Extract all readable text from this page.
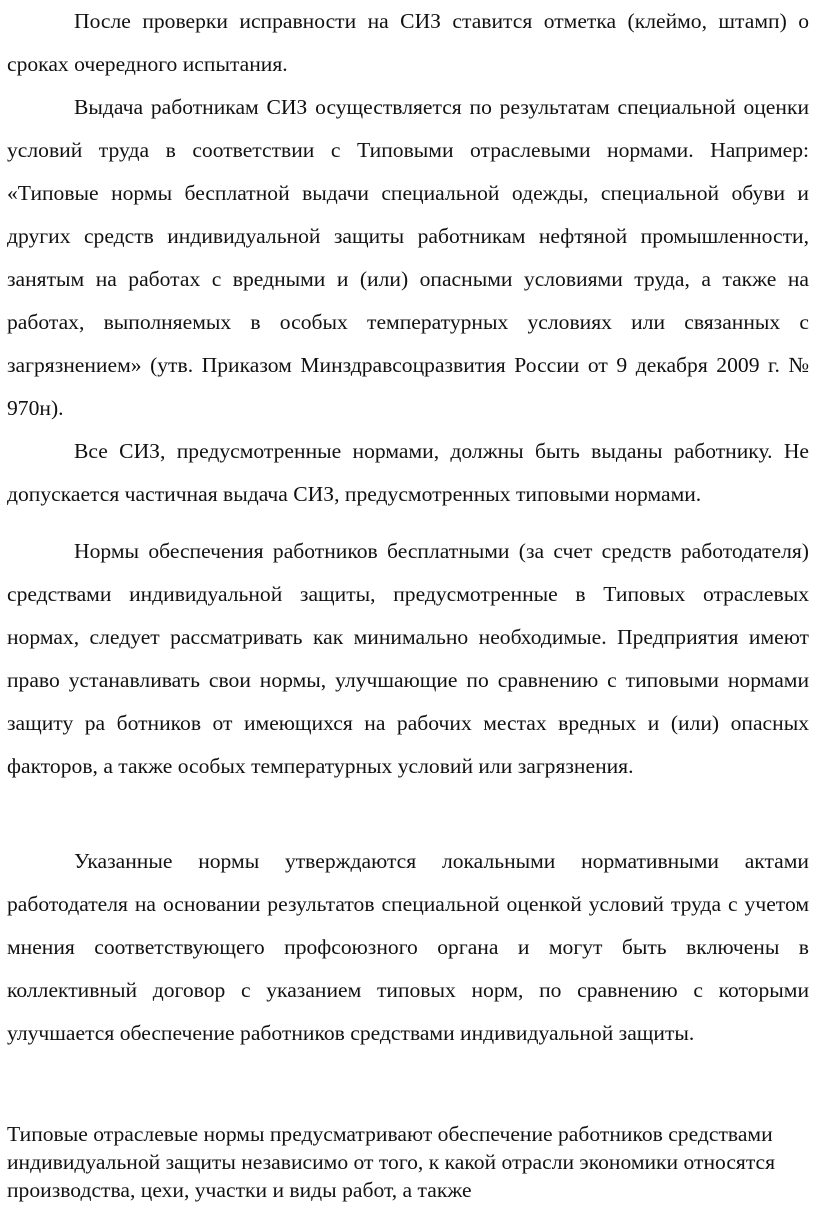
После проверки исправности на СИЗ ставится отметка (клеймо, штамп) о сроках очередного испытания.

Выдача работникам СИЗ осуществляется по результатам специальной оценки условий труда в соответствии с Типовыми отраслевыми нормами. Например: «Типовые нормы бесплатной выдачи специальной одежды, специальной обуви и других средств индивидуальной защиты работникам нефтяной промышленности, занятым на работах с вредными и (или) опасными условиями труда, а также на работах, выполняемых в особых температурных условиях или связанных с загрязнением» (утв. Приказом Минздравсоцразвития России от 9 декабря 2009 г. № 970н).

Все СИЗ, предусмотренные нормами, должны быть выданы работнику. Не допускается частичная выдача СИЗ, предусмотренных типовыми нормами.

Нормы обеспечения работников бесплатными (за счет средств работодателя) средствами индивидуальной защиты, предусмотренные в Типовых отраслевых нормах, следует рассматривать как минимально необходимые. Предприятия имеют право устанавливать свои нормы, улучшающие по сравнению с типовыми нормами защиту ра ботников от имеющихся на рабочих местах вредных и (или) опасных факторов, а также особых температурных условий или загрязнения.

Указанные нормы утверждаются локальными нормативными актами работодателя на основании результатов специальной оценкой условий труда с учетом мнения соответствующего профсоюзного органа и могут быть включены в коллективный договор с указанием типовых норм, по сравнению с которыми улучшается обеспечение работников средствами индивидуальной защиты.

Типовые отраслевые нормы предусматривают обеспечение работников средствами индивидуальной защиты независимо от того, к какой отрасли экономики относятся производства, цехи, участки и виды работ, а также
